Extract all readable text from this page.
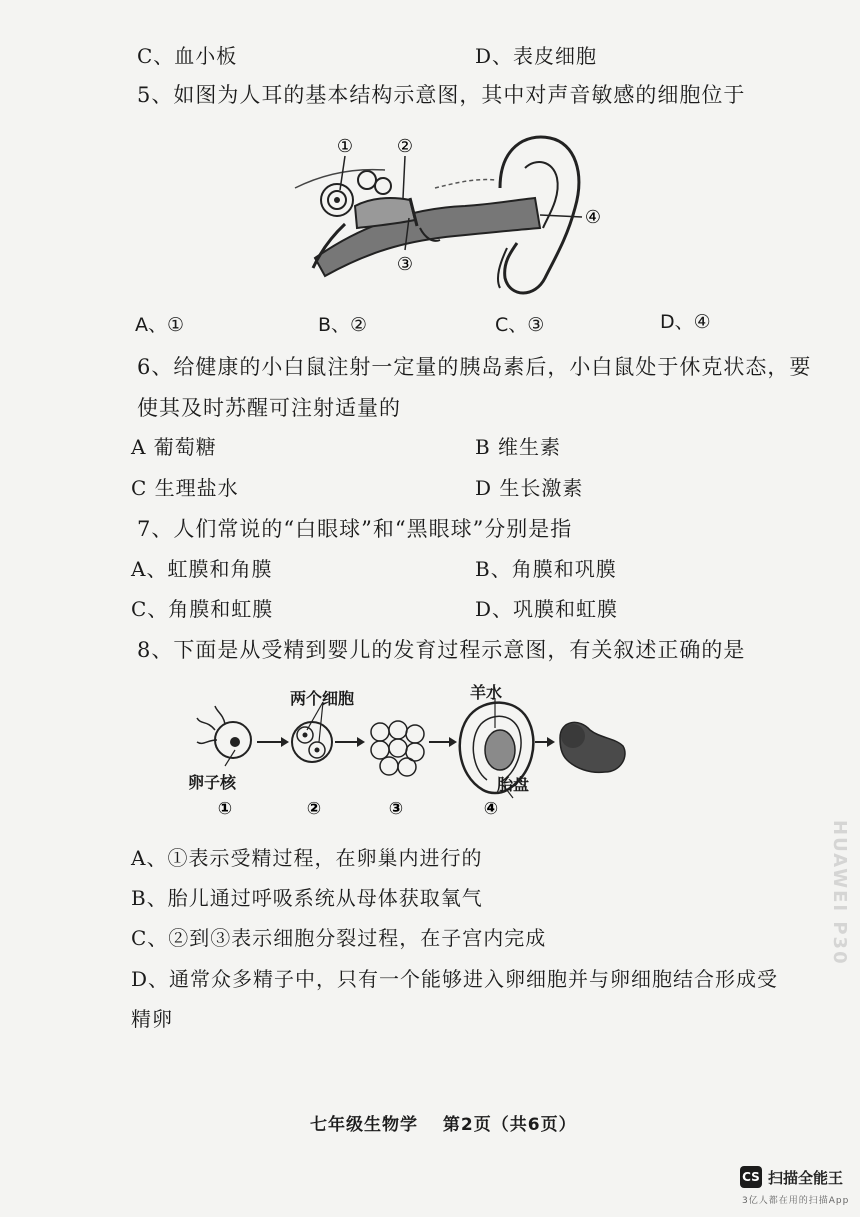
C、血小板	D、表皮细胞
5、如图为人耳的基本结构示意图，其中对声音敏感的细胞位于
① ②
③
④
A、①	B、②	C、③	D、④
6、给健康的小白鼠注射一定量的胰岛素后，小白鼠处于休克状态，要
使其及时苏醒可注射适量的
A 葡萄糖	B 维生素
C 生理盐水	D 生长激素
7、人们常说的“白眼球”和“黑眼球”分别是指
A、虹膜和角膜	B、角膜和巩膜
C、角膜和虹膜	D、巩膜和虹膜
8、下面是从受精到婴儿的发育过程示意图，有关叙述正确的是
①	②	③	④
两个细胞	羊水
卵子核	胎盘
A、①表示受精过程，在卵巢内进行的
B、胎儿通过呼吸系统从母体获取氧气
C、②到③表示细胞分裂过程，在子宫内完成
D、通常众多精子中，只有一个能够进入卵细胞并与卵细胞结合形成受
精卵
七年级生物学　 第2页（共6页）
HUAWEI P30
CS 扫描全能王
3亿人都在用的扫描App
